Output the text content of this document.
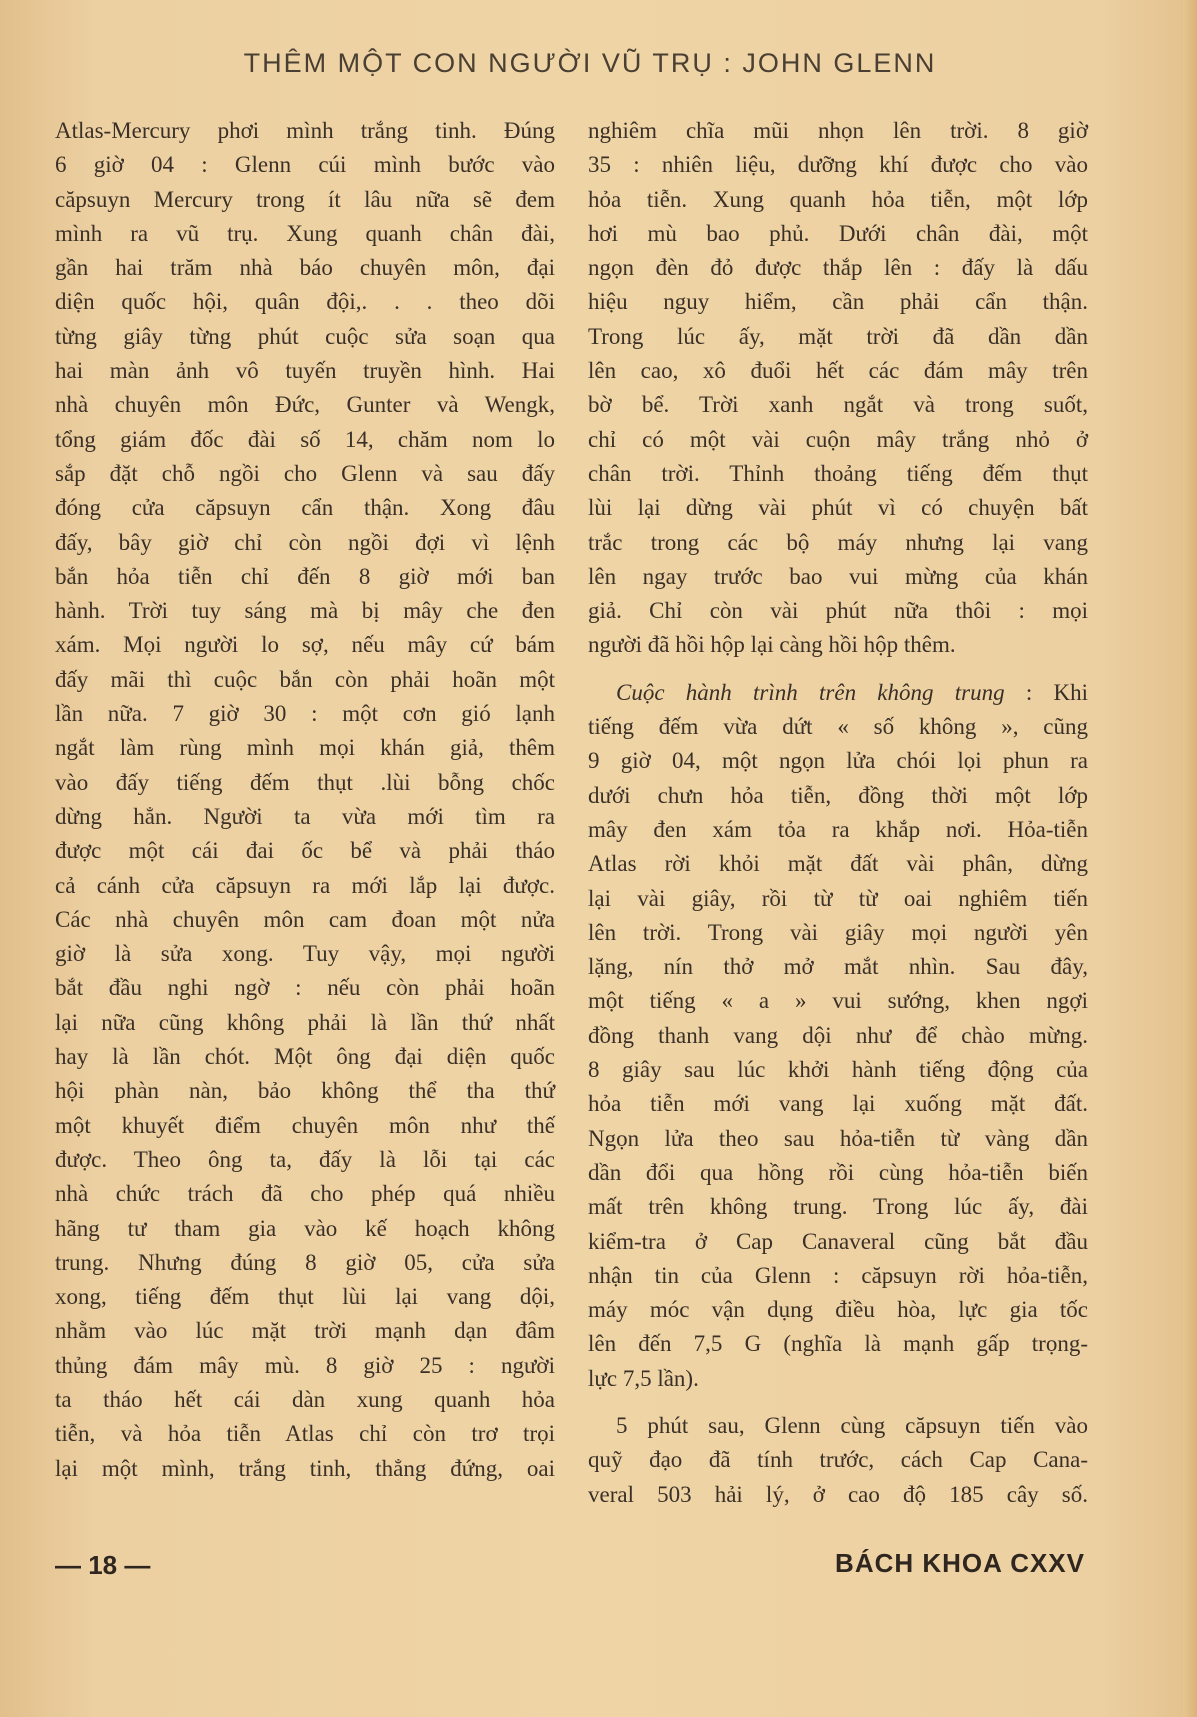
THÊM MỘT CON NGƯỜI VŨ TRỤ : JOHN GLENN
Atlas-Mercury phơi mình trắng tinh. Đúng
6 giờ 04 : Glenn cúi mình bước vào
căpsuyn Mercury trong ít lâu nữa sẽ đem
mình ra vũ trụ. Xung quanh chân đài,
gần hai trăm nhà báo chuyên môn, đại
diện quốc hội, quân đội,. . . theo dõi
từng giây từng phút cuộc sửa soạn qua
hai màn ảnh vô tuyến truyền hình. Hai
nhà chuyên môn Đức, Gunter và Wengk,
tổng giám đốc đài số 14, chăm nom lo
sắp đặt chỗ ngồi cho Glenn và sau đấy
đóng cửa căpsuyn cẩn thận. Xong đâu
đấy, bây giờ chỉ còn ngồi đợi vì lệnh
bắn hỏa tiễn chỉ đến 8 giờ mới ban
hành. Trời tuy sáng mà bị mây che đen
xám. Mọi người lo sợ, nếu mây cứ bám
đấy mãi thì cuộc bắn còn phải hoãn một
lần nữa. 7 giờ 30 : một cơn gió lạnh
ngắt làm rùng mình mọi khán giả, thêm
vào đấy tiếng đếm thụt .lùi bỗng chốc
dừng hẳn. Người ta vừa mới tìm ra
được một cái đai ốc bể và phải tháo
cả cánh cửa căpsuyn ra mới lắp lại được.
Các nhà chuyên môn cam đoan một nửa
giờ là sửa xong. Tuy vậy, mọi người
bắt đầu nghi ngờ : nếu còn phải hoãn
lại nữa cũng không phải là lần thứ nhất
hay là lần chót. Một ông đại diện quốc
hội phàn nàn, bảo không thể tha thứ
một khuyết điểm chuyên môn như thế
được. Theo ông ta, đấy là lỗi tại các
nhà chức trách đã cho phép quá nhiều
hãng tư tham gia vào kế hoạch không
trung. Nhưng đúng 8 giờ 05, cửa sửa
xong, tiếng đếm thụt lùi lại vang dội,
nhằm vào lúc mặt trời mạnh dạn đâm
thủng đám mây mù. 8 giờ 25 : người
ta tháo hết cái dàn xung quanh hỏa
tiễn, và hỏa tiễn Atlas chỉ còn trơ trọi
lại một mình, trắng tinh, thẳng đứng, oai
nghiêm chĩa mũi nhọn lên trời. 8 giờ
35 : nhiên liệu, dưỡng khí được cho vào
hỏa tiễn. Xung quanh hỏa tiễn, một lớp
hơi mù bao phủ. Dưới chân đài, một
ngọn đèn đỏ được thắp lên : đấy là dấu
hiệu nguy hiểm, cần phải cẩn thận.
Trong lúc ấy, mặt trời đã dần dần
lên cao, xô đuổi hết các đám mây trên
bờ bể. Trời xanh ngắt và trong suốt,
chỉ có một vài cuộn mây trắng nhỏ ở
chân trời. Thỉnh thoảng tiếng đếm thụt
lùi lại dừng vài phút vì có chuyện bất
trắc trong các bộ máy nhưng lại vang
lên ngay trước bao vui mừng của khán
giả. Chỉ còn vài phút nữa thôi : mọi
người đã hồi hộp lại càng hồi hộp thêm.
Cuộc hành trình trên không trung : Khi
tiếng đếm vừa dứt « số không », cũng
9 giờ 04, một ngọn lửa chói lọi phun ra
dưới chưn hỏa tiễn, đồng thời một lớp
mây đen xám tỏa ra khắp nơi. Hỏa-tiễn
Atlas rời khỏi mặt đất vài phân, dừng
lại vài giây, rồi từ từ oai nghiêm tiến
lên trời. Trong vài giây mọi người yên
lặng, nín thở mở mắt nhìn. Sau đây,
một tiếng « a » vui sướng, khen ngợi
đồng thanh vang dội như để chào mừng.
8 giây sau lúc khởi hành tiếng động của
hỏa tiễn mới vang lại xuống mặt đất.
Ngọn lửa theo sau hỏa-tiễn từ vàng dần
dần đổi qua hồng rồi cùng hỏa-tiễn biến
mất trên không trung. Trong lúc ấy, đài
kiểm-tra ở Cap Canaveral cũng bắt đầu
nhận tin của Glenn : căpsuyn rời hỏa-tiễn,
máy móc vận dụng điều hòa, lực gia tốc
lên đến 7,5 G (nghĩa là mạnh gấp trọng-
lực 7,5 lần).
5 phút sau, Glenn cùng căpsuyn tiến vào
quỹ đạo đã tính trước, cách Cap Cana-
veral 503 hải lý, ở cao độ 185 cây số.
— 18 —	BÁCH KHOA CXXV
